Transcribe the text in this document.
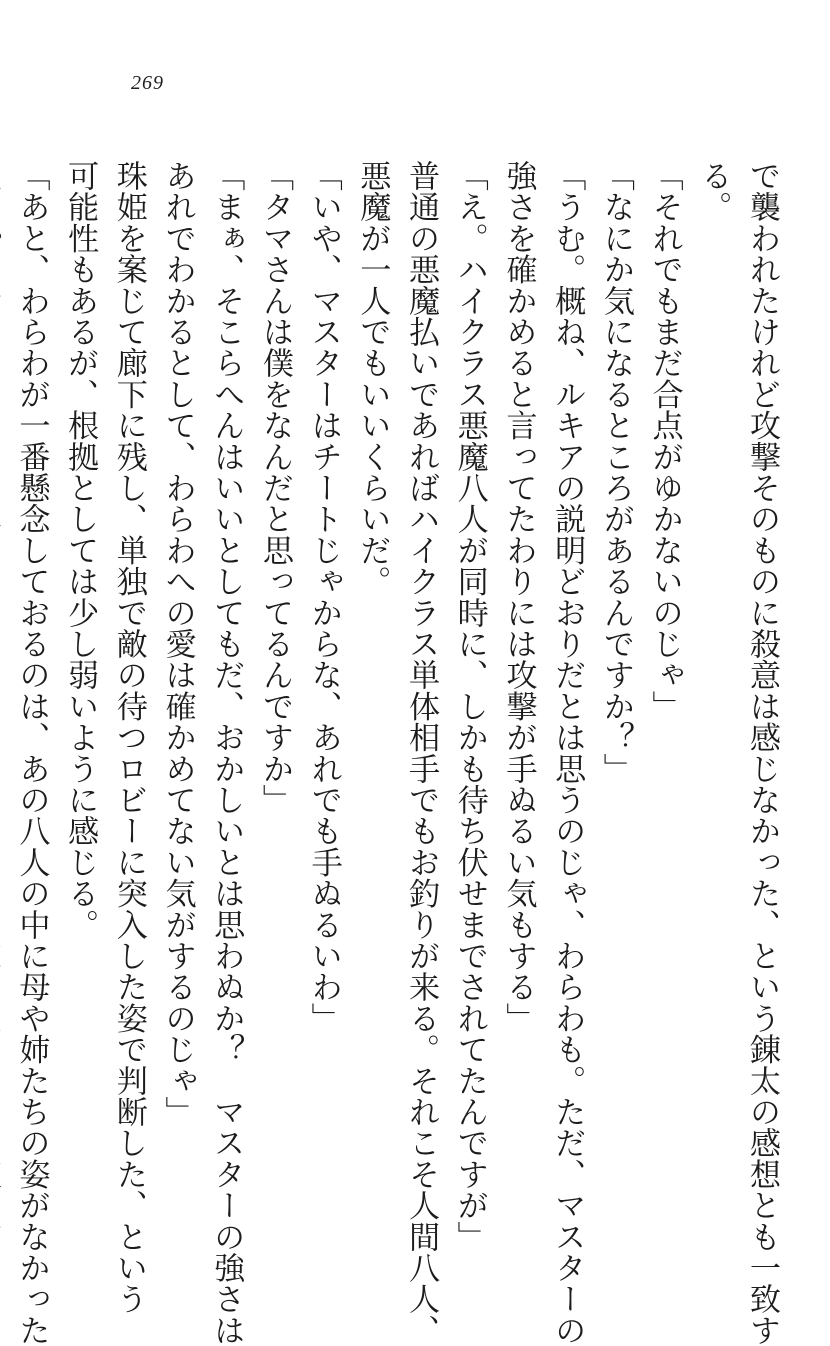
269
で襲われたけれど攻撃そのものに殺意は感じなかった、という錬太の感想とも一致す
る。
「それでもまだ合点がゆかないのじゃ」
「なにか気になるところがあるんですか？」
「うむ。概ね、ルキアの説明どおりだとは思うのじゃ、わらわも。ただ、マスターの
強さを確かめると言ってたわりには攻撃が手ぬるい気もする」
「え。ハイクラス悪魔八人が同時に、しかも待ち伏せまでされてたんですが」
普通の悪魔払いであればハイクラス単体相手でもお釣りが来る。それこそ人間八人、
悪魔が一人でもいいくらいだ。
「いや、マスターはチートじゃからな、あれでも手ぬるいわ」
「タマさんは僕をなんだと思ってるんですか」
「まぁ、そこらへんはいいとしてもだ、おかしいとは思わぬか？　マスターの強さは
あれでわかるとして、わらわへの愛は確かめてない気がするのじゃ」
珠姫を案じて廊下に残し、単独で敵の待つロビーに突入した姿で判断した、という
可能性もあるが、根拠としては少し弱いように感じる。
「あと、わらわが一番懸念しておるのは、あの八人の中に母や姉たちの姿がなかった
